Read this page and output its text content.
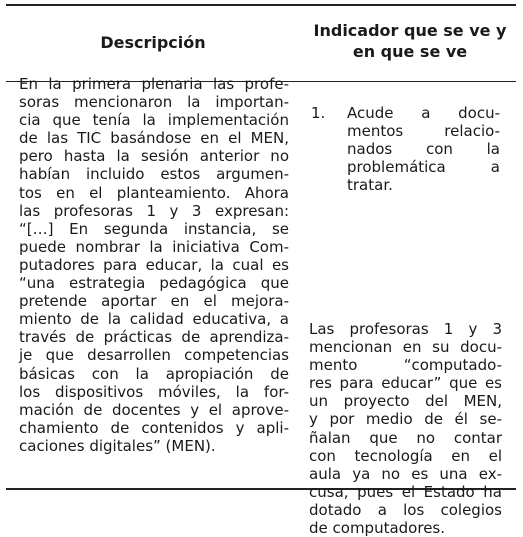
Descripción
Indicador que se ve y
en que se ve
En la primera plenaria las profe-
soras mencionaron la importan-
cia que tenía la implementación
de las TIC basándose en el MEN,
pero hasta la sesión anterior no
habían incluido estos argumen-
tos en el planteamiento. Ahora
las profesoras 1 y 3 expresan:
“[…] En segunda instancia, se
puede nombrar la iniciativa Com-
putadores para educar, la cual es
“una estrategia pedagógica que
pretende aportar en el mejora-
miento de la calidad educativa, a
través de prácticas de aprendiza-
je que desarrollen competencias
básicas con la apropiación de
los dispositivos móviles, la for-
mación de docentes y el aprove-
chamiento de contenidos y apli-
caciones digitales” (MEN).
1. Acude a docu-
mentos relacio-
nados con la
problemática a
tratar.
Las profesoras 1 y 3
mencionan en su docu-
mento “computado-
res para educar” que es
un proyecto del MEN,
y por medio de él se-
ñalan que no contar
con tecnología en el
aula ya no es una ex-
cusa, pues el Estado ha
dotado a los colegios
de computadores.
